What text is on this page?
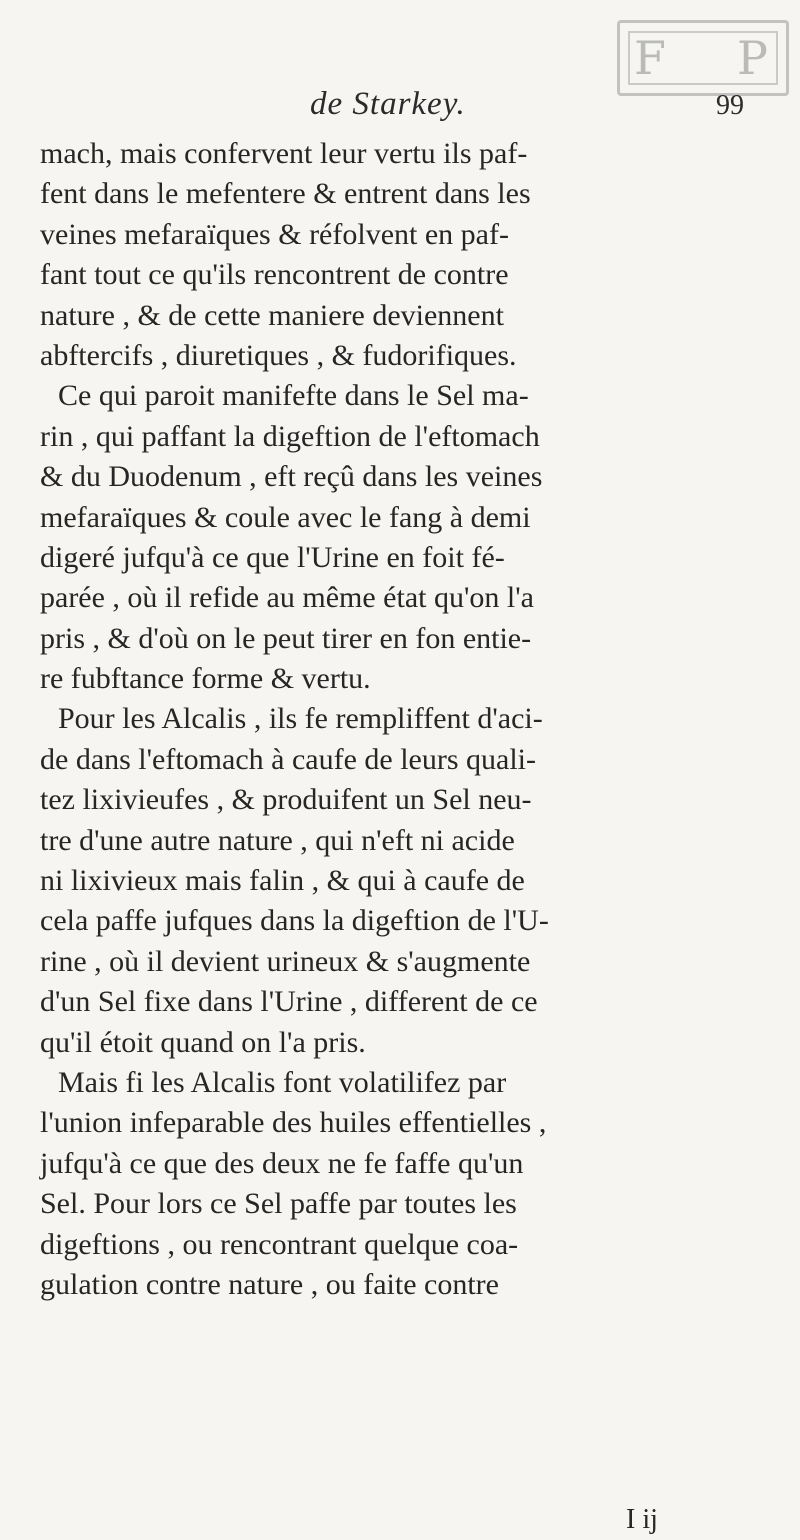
F P
de Starkey.	99
mach, mais confervent leur vertu ils paf-
fent dans le mefentere & entrent dans les
veines mefaraïques & réfolvent en paf-
fant tout ce qu'ils rencontrent de contre
nature , & de cette maniere deviennent
abftercifs , diuretiques , & fudorifiques.
Ce qui paroit manifefte dans le Sel ma-
rin , qui paffant la digeftion de l'eftomach
& du Duodenum , eft reçû dans les veines
mefaraïques & coule avec le fang à demi
digeré jufqu'à ce que l'Urine en foit fé-
parée , où il refide au même état qu'on l'a
pris , & d'où on le peut tirer en fon entie-
re fubftance forme & vertu.
Pour les Alcalis , ils fe rempliffent d'aci-
de dans l'eftomach à caufe de leurs quali-
tez lixivieufes , & produifent un Sel neu-
tre d'une autre nature , qui n'eft ni acide
ni lixivieux mais falin , & qui à caufe de
cela paffe jufques dans la digeftion de l'U-
rine , où il devient urineux & s'augmente
d'un Sel fixe dans l'Urine , different de ce
qu'il étoit quand on l'a pris.
Mais fi les Alcalis font volatilifez par
l'union infeparable des huiles effentielles ,
jufqu'à ce que des deux ne fe faffe qu'un
Sel. Pour lors ce Sel paffe par toutes les
digeftions , ou rencontrant quelque coa-
gulation contre nature , ou faite contre
I ij
